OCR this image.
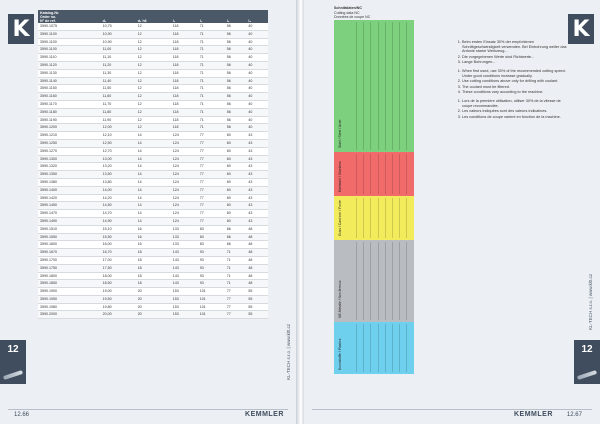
K
Katalog-Nr.
Order no.
N° de ref.	d₁	d₂ h6	l₁	l₂	l₃	l₄
3590.1075	10,75	12	118	71	56	40
3590.1100	10,90	12	118	71	56	40
3590.1100	10,90	12	118	71	56	40
3590.1100	11,00	12	118	71	56	40
3590.1110	11,10	12	118	71	56	40
3590.1120	11,20	12	118	71	56	40
3590.1130	11,30	12	118	71	56	40
3590.1140	11,40	12	118	71	56	40
3590.1150	11,50	12	118	71	56	40
3590.1160	11,60	12	118	71	56	40
3590.1170	11,70	12	118	71	56	40
3590.1180	11,80	12	118	71	56	40
3590.1190	11,90	12	118	71	56	40
3590.1200	12,00	12	118	71	56	40
3590.1210	12,10	14	124	77	60	43
3590.1250	12,50	14	124	77	60	43
3590.1270	12,70	14	124	77	60	43
3590.1300	13,00	14	124	77	60	43
3590.1320	13,20	14	124	77	60	43
3590.1350	13,50	14	124	77	60	43
3590.1380	13,80	14	124	77	60	43
3590.1400	14,00	14	124	77	60	43
3590.1420	14,20	14	124	77	60	43
3590.1450	14,50	14	124	77	60	43
3590.1470	14,70	14	124	77	60	43
3590.1490	14,90	14	124	77	60	43
3590.1510	15,10	16	133	83	66	48
3590.1550	15,50	16	133	83	66	48
3590.1600	16,00	16	133	83	66	48
3590.1670	16,70	18	143	93	71	48
3590.1700	17,00	18	143	93	71	48
3590.1750	17,50	18	143	93	71	48
3590.1800	18,00	18	143	93	71	48
3590.1850	18,50	18	143	93	71	48
3590.1900	19,00	20	153	101	77	55
3590.1950	19,50	20	153	101	77	55
3590.1980	19,80	20	153	101	77	55
3590.2000	20,00	20	153	101	77	55
12
12.66	KEMMLER
KL-TECH s.r.o. | www.kltt.cz
Schnittdaten/NC
Cutting data NC
Données de coupe NC
Stahl / Steel / Acier
Edelstahl / Stainless
Guss / Cast iron / Fonte
NE-Metalle / Non-ferrous
Kunststoffe / Plastics
1. Beim ersten Einsatz 30% der empfohlenen Schnittgeschwindigkeit verwenden. Bei Einbohrung weiter das Antonie starke Werkzeug...
2. Die vorgegebenen Werte sind Richtwerte...
3. Lange Bohrungen...
1. When first used, use 30% of the recommended cutting speed. Under good conditions increase gradually.
2. Use cutting conditions above only for drilling with coolant.
3. The coolant must be filtered.
4. These conditions vary according to the machine.
1. Lors de la première utilisation, utiliser 30% de la vitesse de coupe recommandée.
2. Les valeurs indiquées sont des valeurs indicatives.
3. Les conditions de coupe varient en fonction de la machine.
K
12
KL-TECH s.r.o. | www.kltt.cz
KEMMLER 12.67
